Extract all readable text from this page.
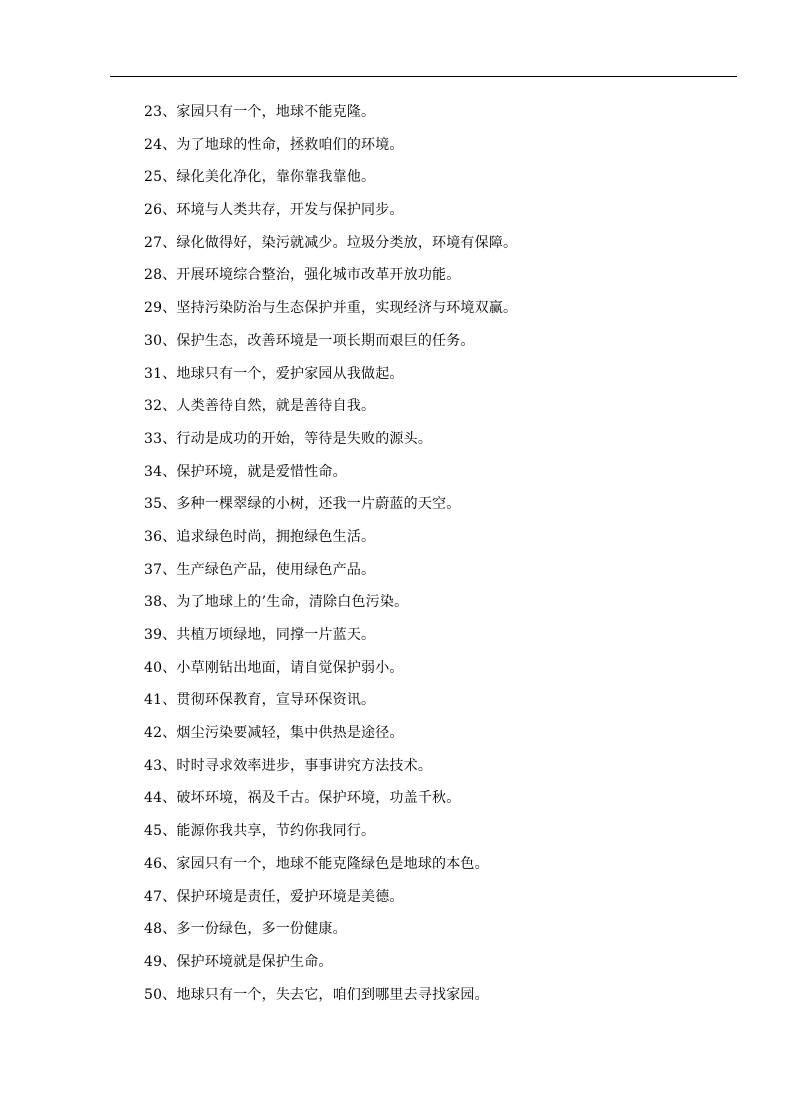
23、家园只有一个，地球不能克隆。
24、为了地球的性命，拯救咱们的环境。
25、绿化美化净化，靠你靠我靠他。
26、环境与人类共存，开发与保护同步。
27、绿化做得好，染污就减少。垃圾分类放，环境有保障。
28、开展环境综合整治，强化城市改革开放功能。
29、坚持污染防治与生态保护并重，实现经济与环境双赢。
30、保护生态，改善环境是一项长期而艰巨的任务。
31、地球只有一个，爱护家园从我做起。
32、人类善待自然，就是善待自我。
33、行动是成功的开始，等待是失败的源头。
34、保护环境，就是爱惜性命。
35、多种一棵翠绿的小树，还我一片蔚蓝的天空。
36、追求绿色时尚，拥抱绿色生活。
37、生产绿色产品，使用绿色产品。
38、为了地球上的’生命，清除白色污染。
39、共植万顷绿地，同撑一片蓝天。
40、小草刚钻出地面，请自觉保护弱小。
41、贯彻环保教育，宣导环保资讯。
42、烟尘污染要减轻，集中供热是途径。
43、时时寻求效率进步，事事讲究方法技术。
44、破坏环境，祸及千古。保护环境，功盖千秋。
45、能源你我共享，节约你我同行。
46、家园只有一个，地球不能克隆绿色是地球的本色。
47、保护环境是责任，爱护环境是美德。
48、多一份绿色，多一份健康。
49、保护环境就是保护生命。
50、地球只有一个，失去它，咱们到哪里去寻找家园。
